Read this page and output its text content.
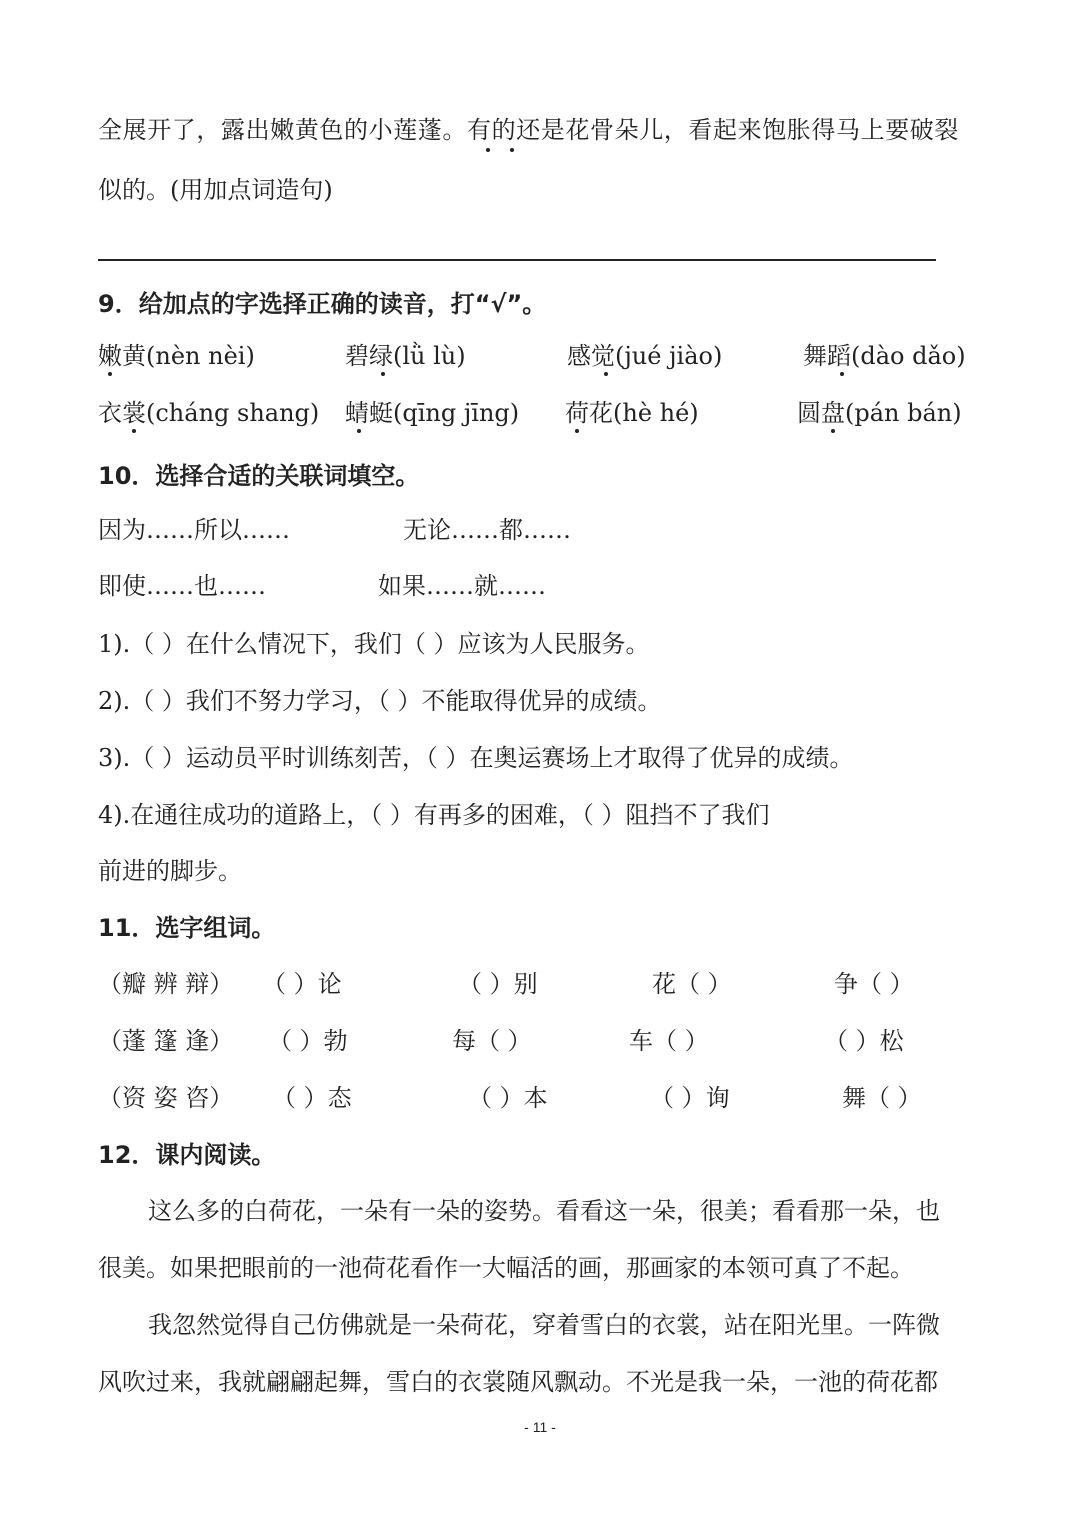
全展开了，露出嫩黄色的小莲蓬。有的还是花骨朵儿，看起来饱胀得马上要破裂
似的。(用加点词造句)
9．给加点的字选择正确的读音，打“√”。
嫩黄(nèn nèi)	碧绿(lǜ lù)	感觉(jué jiào)	舞蹈(dào dǎo)
衣裳(cháng shang) 蜻蜓(qīng jīng) 荷花(hè hé)	圆盘(pán bán)
10．选择合适的关联词填空。
因为……所以……	无论……都……
即使……也……	如果……就……
1).（ ）在什么情况下，我们（ ）应该为人民服务。
2).（ ）我们不努力学习，（ ）不能取得优异的成绩。
3).（ ）运动员平时训练刻苦，（ ）在奥运赛场上才取得了优异的成绩。
4).在通往成功的道路上，（ ）有再多的困难，（ ）阻挡不了我们
前进的脚步。
11．选字组词。
（瓣 辨 辩） （ ）论	（ ）别	花（ ）	争（ ）
（蓬 篷 逢） （ ）勃	每（ ）	车（ ）	（ ）松
（资 姿 咨） （ ）态	（ ）本	（ ）询	舞（ ）
12．课内阅读。
这么多的白荷花，一朵有一朵的姿势。看看这一朵，很美；看看那一朵，也
很美。如果把眼前的一池荷花看作一大幅活的画，那画家的本领可真了不起。
我忽然觉得自己仿佛就是一朵荷花，穿着雪白的衣裳，站在阳光里。一阵微
风吹过来，我就翩翩起舞，雪白的衣裳随风飘动。不光是我一朵，一池的荷花都
- 11 -
